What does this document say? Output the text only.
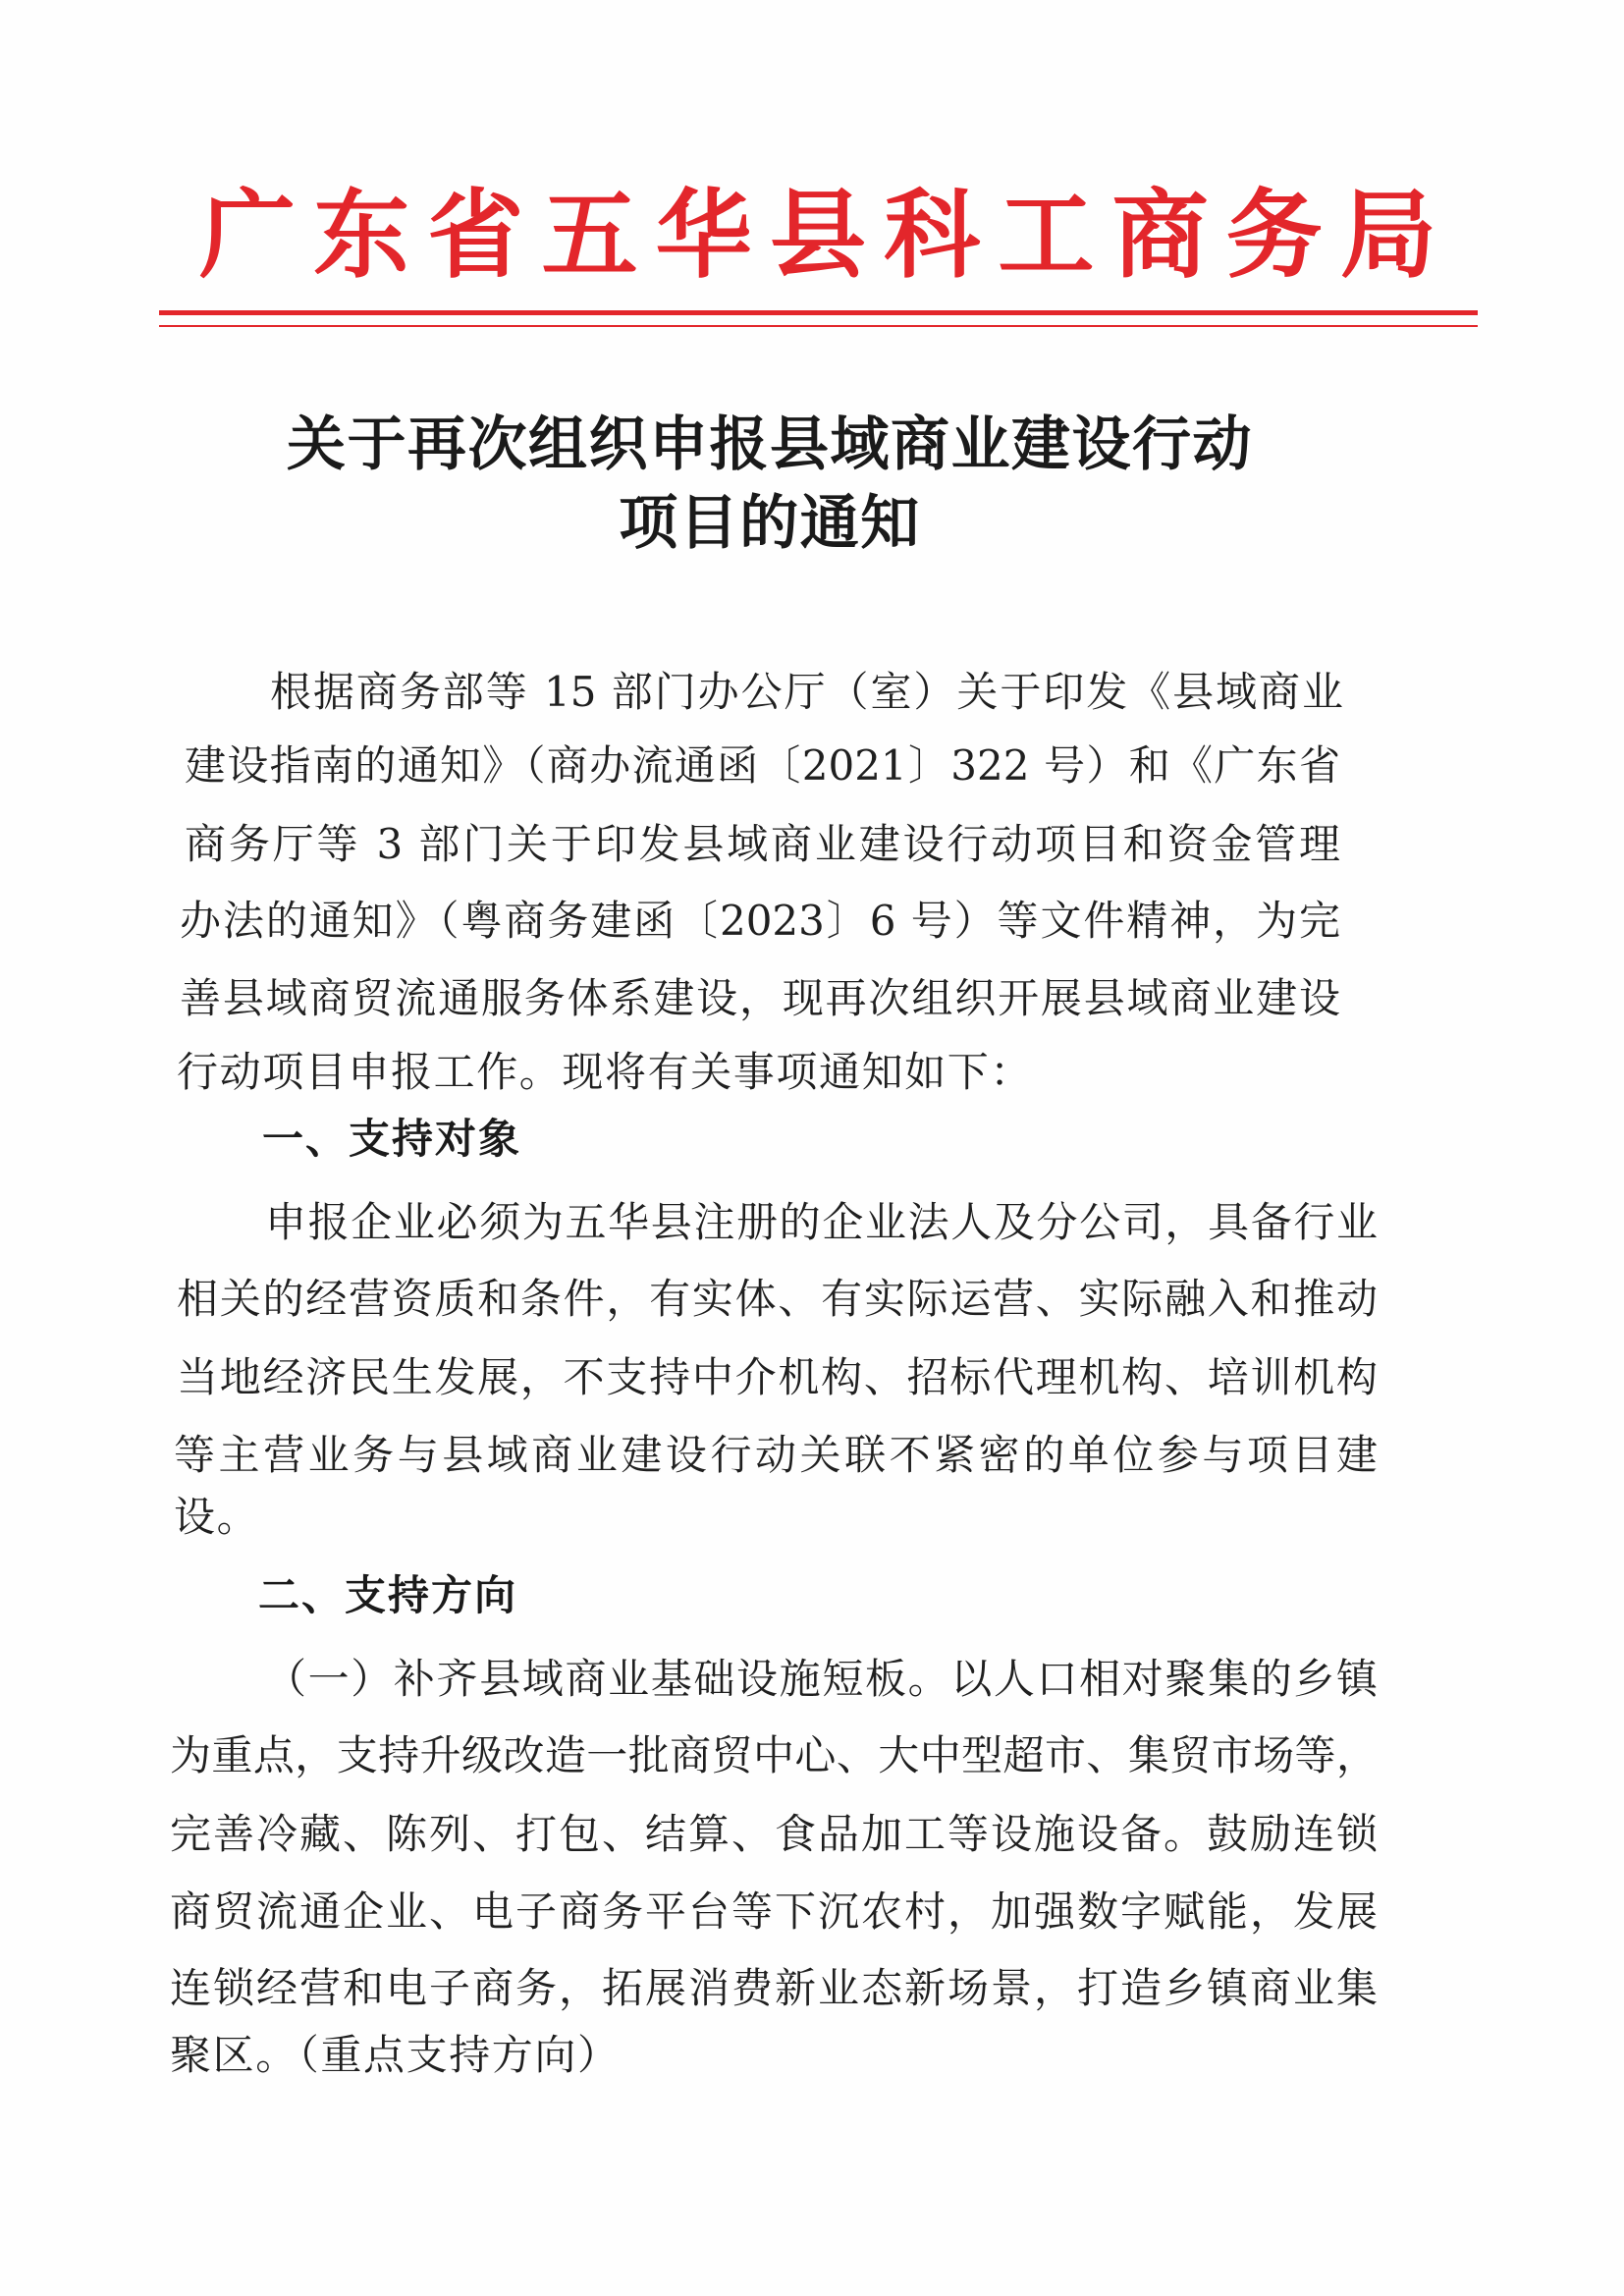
广东省五华县科工商务局
关于再次组织申报县域商业建设行动
项目的通知
根据商务部等 15 部门办公厅（室）关于印发《县域商业
建设指南的通知》（商办流通函〔2021〕322 号）和《广东省
商务厅等 3 部门关于印发县域商业建设行动项目和资金管理
办法的通知》（粤商务建函〔2023〕6 号）等文件精神，为完
善县域商贸流通服务体系建设，现再次组织开展县域商业建设
行动项目申报工作。现将有关事项通知如下：
一、支持对象
申报企业必须为五华县注册的企业法人及分公司，具备行业
相关的经营资质和条件，有实体、有实际运营、实际融入和推动
当地经济民生发展，不支持中介机构、招标代理机构、培训机构
等主营业务与县域商业建设行动关联不紧密的单位参与项目建
设。
二、支持方向
（一）补齐县域商业基础设施短板。以人口相对聚集的乡镇
为重点，支持升级改造一批商贸中心、大中型超市、集贸市场等，
完善冷藏、陈列、打包、结算、食品加工等设施设备。鼓励连锁
商贸流通企业、电子商务平台等下沉农村，加强数字赋能，发展
连锁经营和电子商务，拓展消费新业态新场景，打造乡镇商业集
聚区。（重点支持方向）
